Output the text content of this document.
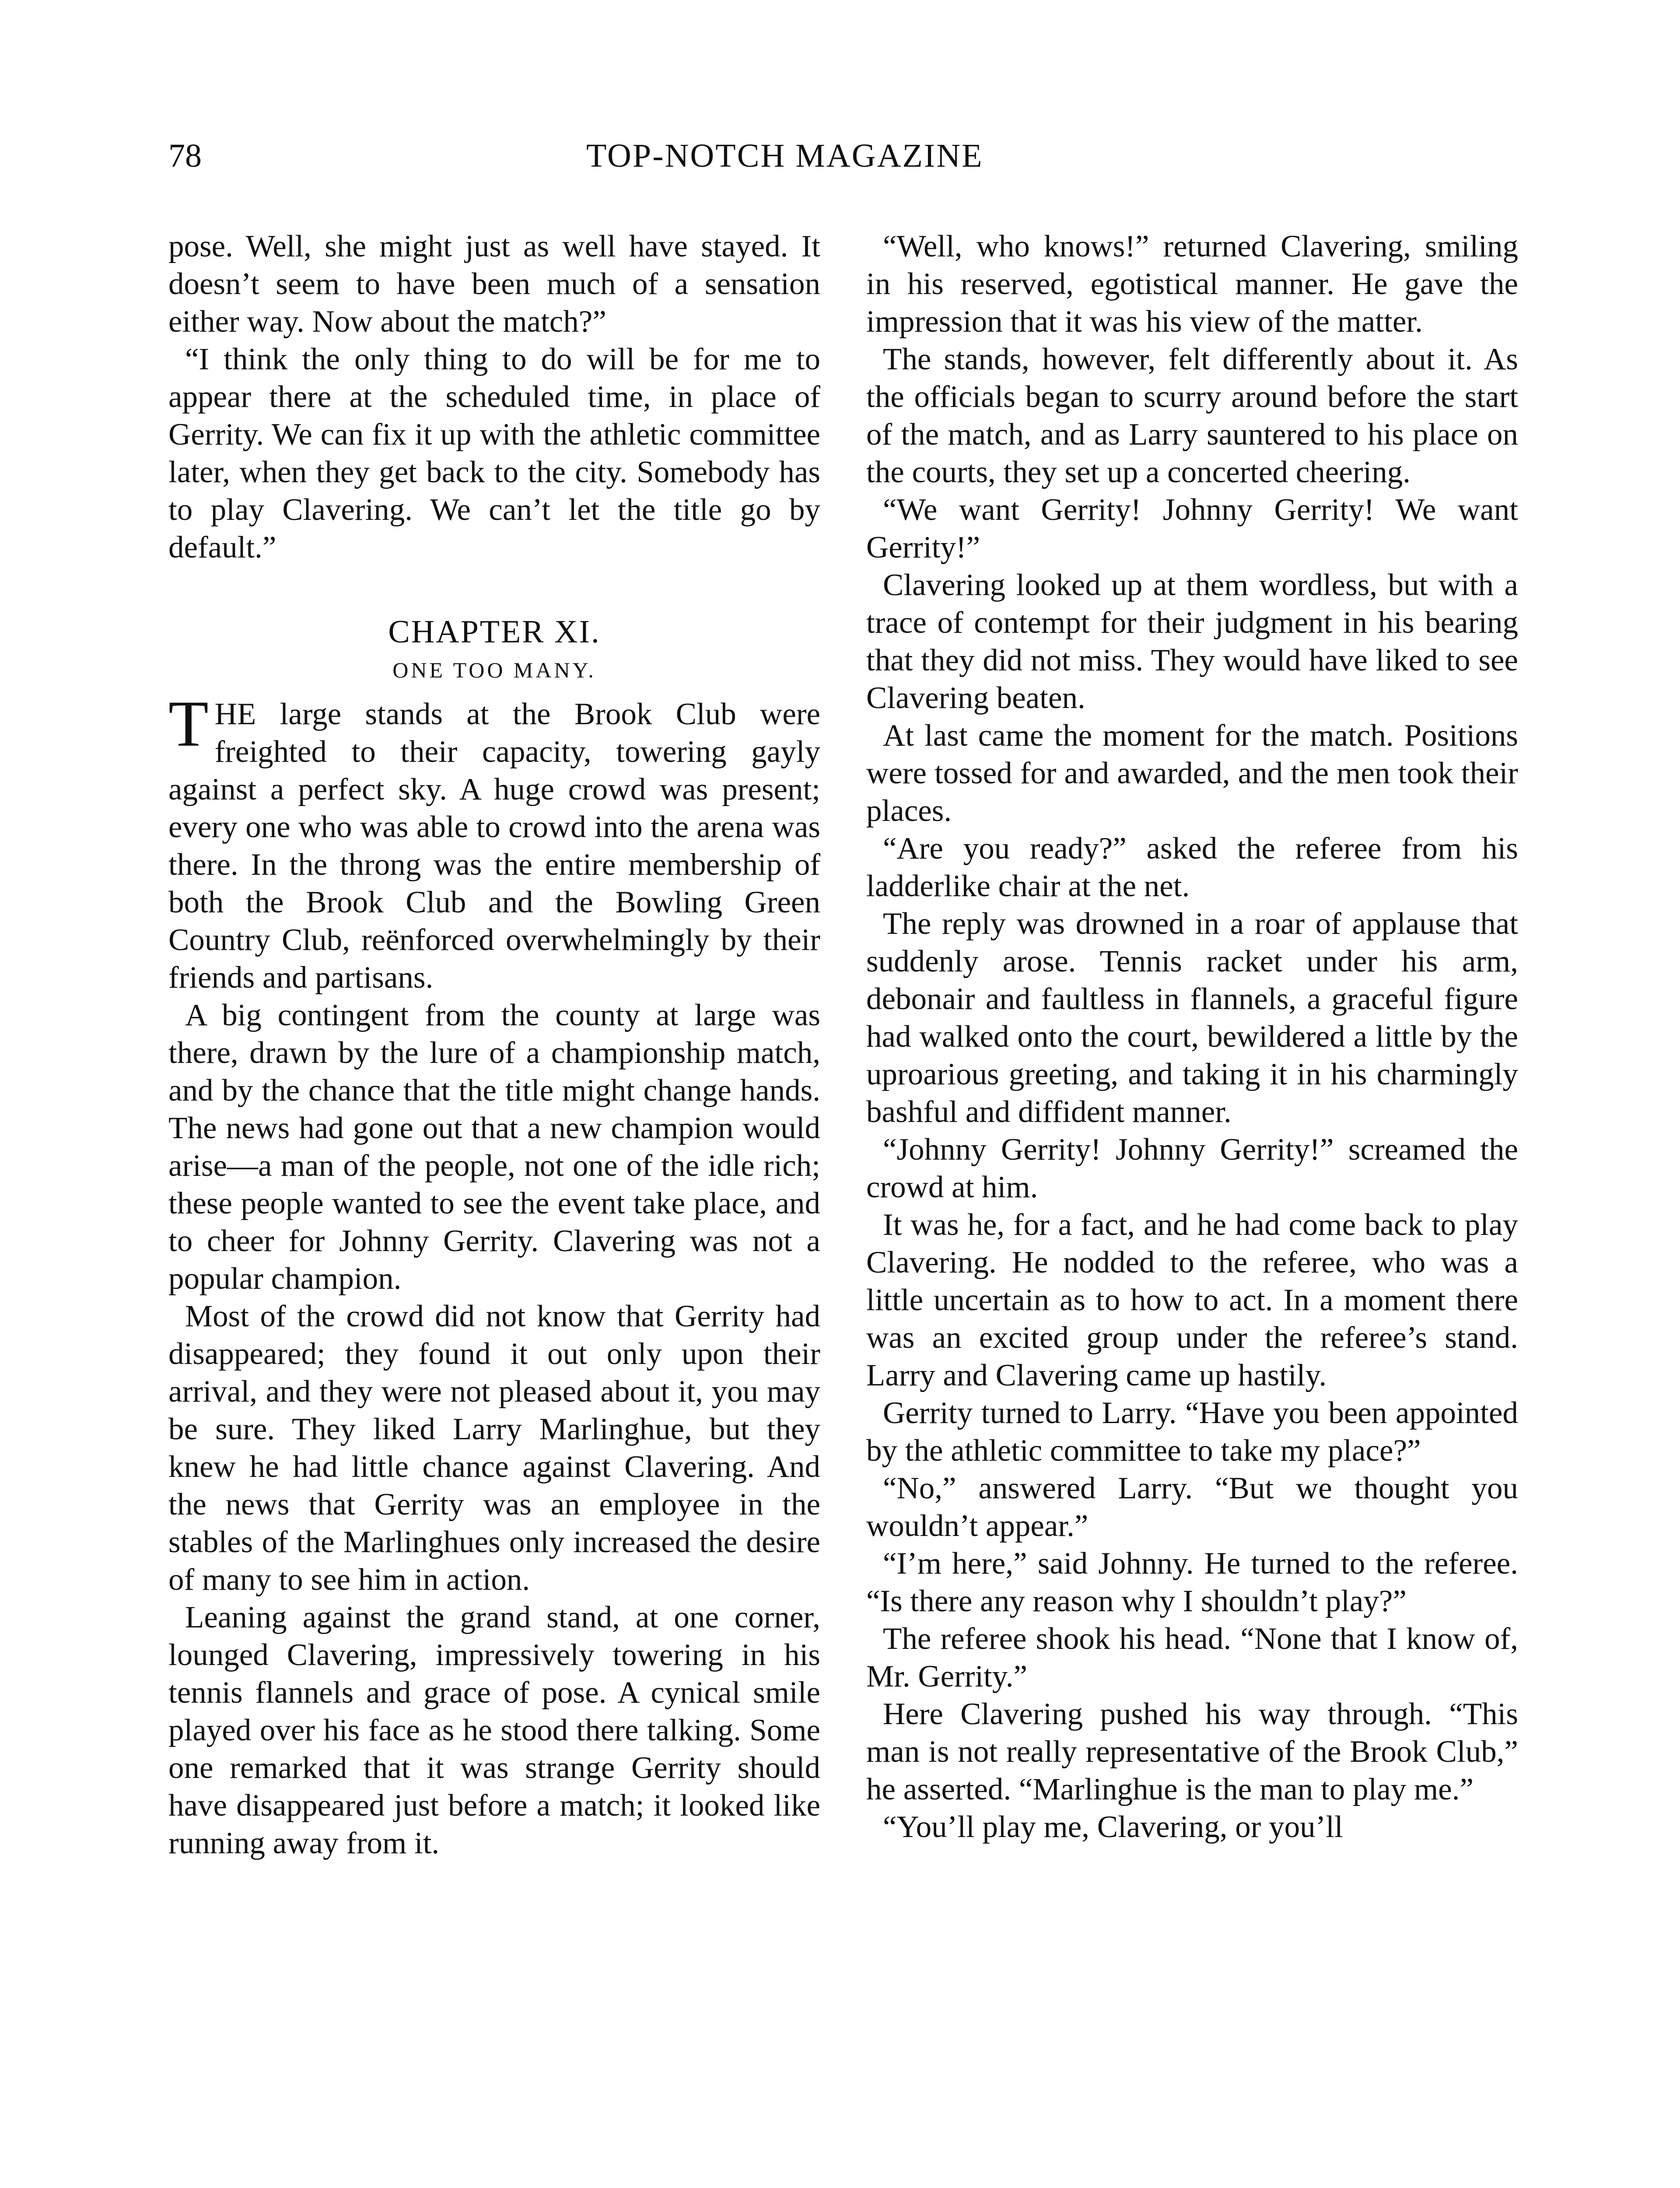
78	TOP-NOTCH MAGAZINE

pose. Well, she might just as well have stayed. It doesn’t seem to have been much of a sensation either way. Now about the match?”

“I think the only thing to do will be for me to appear there at the scheduled time, in place of Gerrity. We can fix it up with the athletic committee later, when they get back to the city. Somebody has to play Clavering. We can’t let the title go by default.”

CHAPTER XI.
ONE TOO MANY.

THE large stands at the Brook Club were freighted to their capacity, towering gayly against a perfect sky. A huge crowd was present; every one who was able to crowd into the arena was there. In the throng was the entire membership of both the Brook Club and the Bowling Green Country Club, reënforced overwhelmingly by their friends and partisans.

A big contingent from the county at large was there, drawn by the lure of a championship match, and by the chance that the title might change hands. The news had gone out that a new champion would arise—a man of the people, not one of the idle rich; these people wanted to see the event take place, and to cheer for Johnny Gerrity. Clavering was not a popular champion.

Most of the crowd did not know that Gerrity had disappeared; they found it out only upon their arrival, and they were not pleased about it, you may be sure. They liked Larry Marlinghue, but they knew he had little chance against Clavering. And the news that Gerrity was an employee in the stables of the Marlinghues only increased the desire of many to see him in action.

Leaning against the grand stand, at one corner, lounged Clavering, impressively towering in his tennis flannels and grace of pose. A cynical smile played over his face as he stood there talking. Some one remarked that it was strange Gerrity should have disappeared just before a match; it looked like running away from it.

“Well, who knows!” returned Clavering, smiling in his reserved, egotistical manner. He gave the impression that it was his view of the matter.

The stands, however, felt differently about it. As the officials began to scurry around before the start of the match, and as Larry sauntered to his place on the courts, they set up a concerted cheering.

“We want Gerrity! Johnny Gerrity! We want Gerrity!”

Clavering looked up at them wordless, but with a trace of contempt for their judgment in his bearing that they did not miss. They would have liked to see Clavering beaten.

At last came the moment for the match. Positions were tossed for and awarded, and the men took their places.

“Are you ready?” asked the referee from his ladderlike chair at the net.

The reply was drowned in a roar of applause that suddenly arose. Tennis racket under his arm, debonair and faultless in flannels, a graceful figure had walked onto the court, bewildered a little by the uproarious greeting, and taking it in his charmingly bashful and diffident manner.

“Johnny Gerrity! Johnny Gerrity!” screamed the crowd at him.

It was he, for a fact, and he had come back to play Clavering. He nodded to the referee, who was a little uncertain as to how to act. In a moment there was an excited group under the referee’s stand. Larry and Clavering came up hastily.

Gerrity turned to Larry. “Have you been appointed by the athletic committee to take my place?”

“No,” answered Larry. “But we thought you wouldn’t appear.”

“I’m here,” said Johnny. He turned to the referee. “Is there any reason why I shouldn’t play?”

The referee shook his head. “None that I know of, Mr. Gerrity.”

Here Clavering pushed his way through. “This man is not really representative of the Brook Club,” he asserted. “Marlinghue is the man to play me.”

“You’ll play me, Clavering, or you’ll
